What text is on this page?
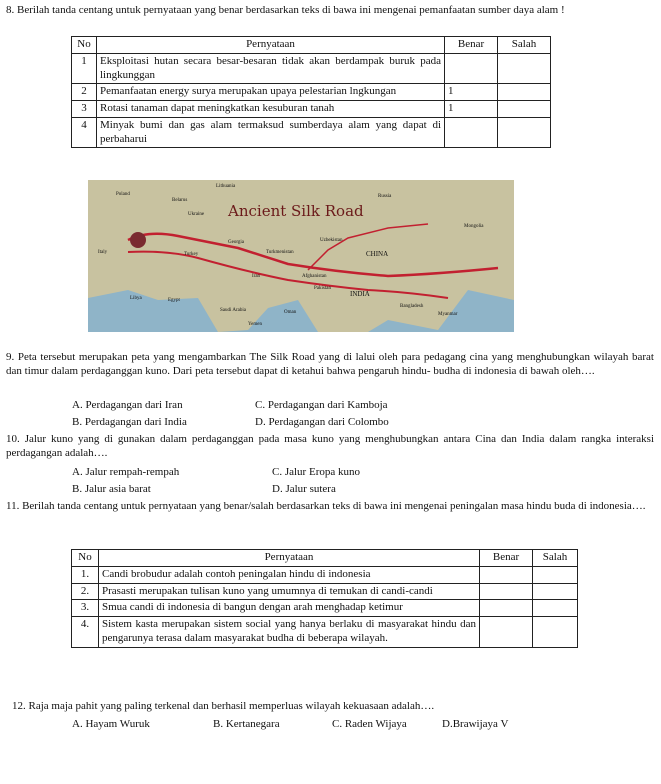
8. Berilah tanda centang untuk pernyataan yang benar berdasarkan teks di bawa ini mengenai pemanfaatan sumber daya alam !
No	Pernyataan	Benar	Salah
1	Eksploitasi hutan secara besar-besaran tidak akan berdampak buruk pada lingkunggan		
2	Pemanfaatan energy surya merupakan upaya pelestarian lngkungan	1	
3	Rotasi tanaman dapat meningkatkan kesuburan tanah	1	
4	Minyak bumi dan gas alam termaksud sumberdaya alam yang dapat di perbaharui		
Ancient Silk Road
Lithuania
Poland
Belarus
Ukraine
Russia
Mongolia
Italy	Turkey
Georgia	Uzbekistan
Turkmenistan	CHINA
Iran	Afghanistan
Pakistan
INDIA
Libya	Egypt
Saudi Arabia
Bangladesh
Myanmar
Oman
Yemen
9. Peta tersebut merupakan peta yang mengambarkan The Silk Road yang di lalui oleh para pedagang cina yang menghubungkan wilayah barat dan timur dalam perdaganggan kuno. Dari peta tersebut dapat di ketahui bahwa pengaruh hindu- budha di indonesia di bawah oleh….
A. Perdagangan dari Iran	C. Perdagangan dari Kamboja
B. Perdagangan dari India	D. Perdagangan dari Colombo
10. Jalur kuno yang di gunakan dalam perdaganggan pada masa kuno yang menghubungkan antara Cina dan India dalam rangka interaksi perdagangan adalah….
A. Jalur rempah-rempah	C. Jalur Eropa kuno
B. Jalur asia barat	D. Jalur sutera
11. Berilah tanda centang untuk pernyataan yang benar/salah berdasarkan teks di bawa ini mengenai peningalan masa hindu buda di indonesia….
No	Pernyataan	Benar	Salah
1.	Candi brobudur adalah contoh peningalan hindu di indonesia		
2.	Prasasti merupakan tulisan kuno yang umumnya di temukan di candi-candi		
3.	Smua candi di indonesia di bangun dengan arah menghadap ketimur		
4.	Sistem kasta merupakan sistem social yang hanya berlaku di masyarakat hindu dan pengarunya terasa dalam masyarakat budha di beberapa wilayah.		
12. Raja maja pahit yang paling terkenal dan berhasil memperluas wilayah kekuasaan adalah….
A. Hayam Wuruk	B. Kertanegara	C. Raden Wijaya	D.Brawijaya V
